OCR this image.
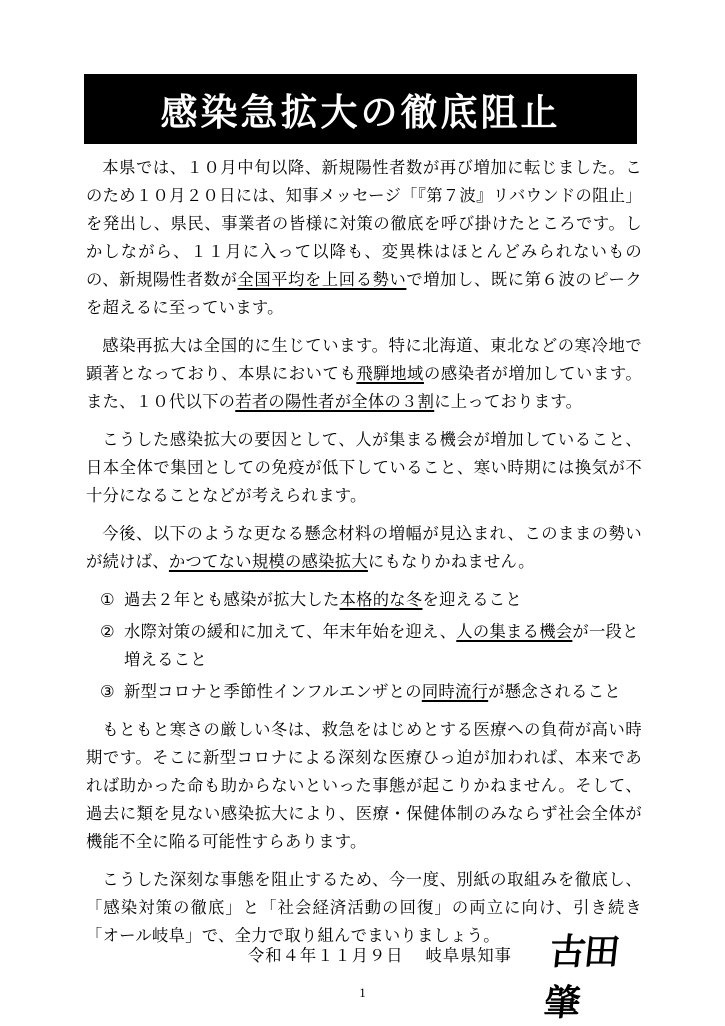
感染急拡大の徹底阻止

本県では、１０月中旬以降、新規陽性者数が再び増加に転じました。このため１０月２０日には、知事メッセージ「『第７波』リバウンドの阻止」を発出し、県民、事業者の皆様に対策の徹底を呼び掛けたところです。しかしながら、１１月に入って以降も、変異株はほとんどみられないものの、新規陽性者数が全国平均を上回る勢いで増加し、既に第６波のピークを超えるに至っています。

感染再拡大は全国的に生じています。特に北海道、東北などの寒冷地で顕著となっており、本県においても飛騨地域の感染者が増加しています。また、１０代以下の若者の陽性者が全体の３割に上っております。

こうした感染拡大の要因として、人が集まる機会が増加していること、日本全体で集団としての免疫が低下していること、寒い時期には換気が不十分になることなどが考えられます。

今後、以下のような更なる懸念材料の増幅が見込まれ、このままの勢いが続けば、かつてない規模の感染拡大にもなりかねません。

① 過去２年とも感染が拡大した本格的な冬を迎えること
② 水際対策の緩和に加えて、年末年始を迎え、人の集まる機会が一段と増えること
③ 新型コロナと季節性インフルエンザとの同時流行が懸念されること

もともと寒さの厳しい冬は、救急をはじめとする医療への負荷が高い時期です。そこに新型コロナによる深刻な医療ひっ迫が加われば、本来であれば助かった命も助からないといった事態が起こりかねません。そして、過去に類を見ない感染拡大により、医療・保健体制のみならず社会全体が機能不全に陥る可能性すらあります。

こうした深刻な事態を阻止するため、今一度、別紙の取組みを徹底し、「感染対策の徹底」と「社会経済活動の回復」の両立に向け、引き続き「オール岐阜」で、全力で取り組んでまいりましょう。

令和４年１１月９日 岐阜県知事 古田肇
1
